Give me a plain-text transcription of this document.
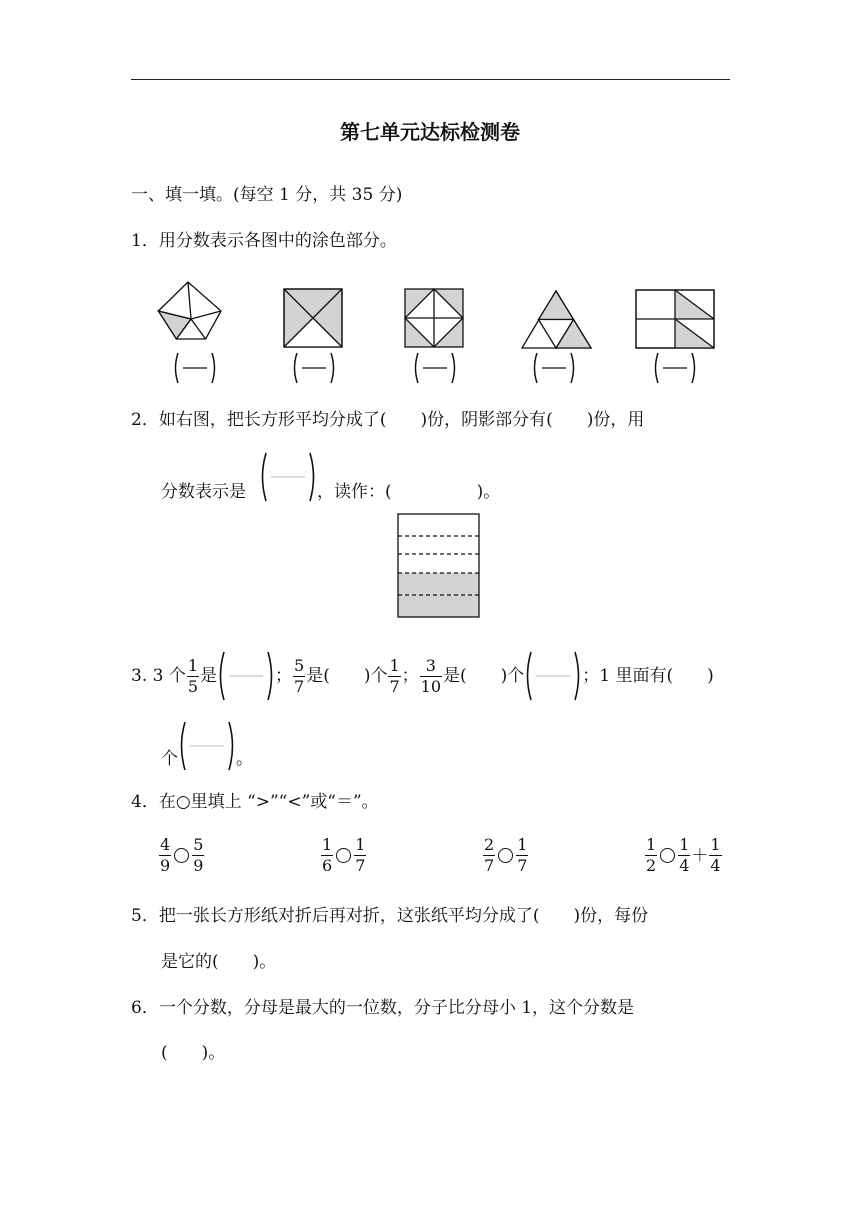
第七单元达标检测卷
一、填一填。(每空 1 分，共 35 分)
1．用分数表示各图中的涂色部分。
2．如右图，把长方形平均分成了(　　)份，阴影部分有(　　)份，用
分数表示是	，读作：(　　　　　)。
3. 3 个 $\frac{1}{5}$ 是	； $\frac{5}{7}$ 是(　　)个 $\frac{1}{7}$ ； $\frac{3}{10}$ 是(　　)个	；1 里面有(　　)
个	。
4．在○里填上 “>”“<”或“＝”。
$\frac{4}{9} \frac{5}{9}$	$\frac{1}{6} \frac{1}{7}$	$\frac{2}{7} \frac{1}{7}$	$\frac{1}{2} \frac{1}{4} + \frac{1}{4}$
5．把一张长方形纸对折后再对折，这张纸平均分成了(　　)份，每份
是它的(　　)。
6．一个分数，分母是最大的一位数，分子比分母小 1，这个分数是
(　　)。
